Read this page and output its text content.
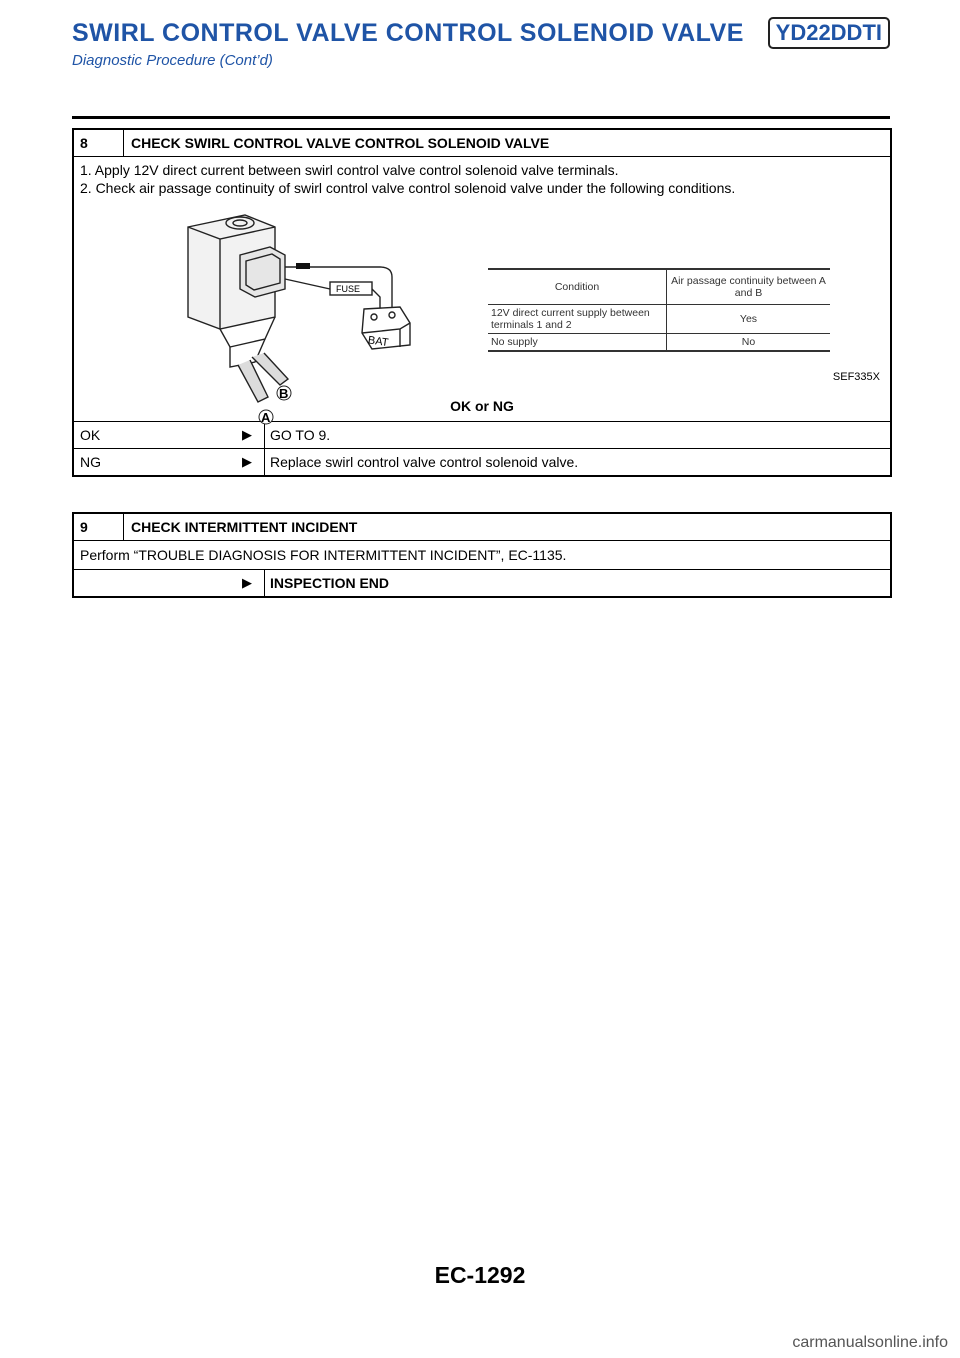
SWIRL CONTROL VALVE CONTROL SOLENOID VALVE	YD22DDTI
Diagnostic Procedure (Cont’d)
8	CHECK SWIRL CONTROL VALVE CONTROL SOLENOID VALVE
1. Apply 12V direct current between swirl control valve control solenoid valve terminals.
2. Check air passage continuity of swirl control valve control solenoid valve under the following conditions.
FUSE
BAT
B
A
Condition	Air passage continuity between A and B
12V direct current supply between terminals 1 and 2	Yes
No supply	No
SEF335X
OK or NG
OK	▶	GO TO 9.
NG	▶	Replace swirl control valve control solenoid valve.
9	CHECK INTERMITTENT INCIDENT
Perform “TROUBLE DIAGNOSIS FOR INTERMITTENT INCIDENT”, EC-1135.
▶	INSPECTION END
EC-1292
carmanualsonline.info
